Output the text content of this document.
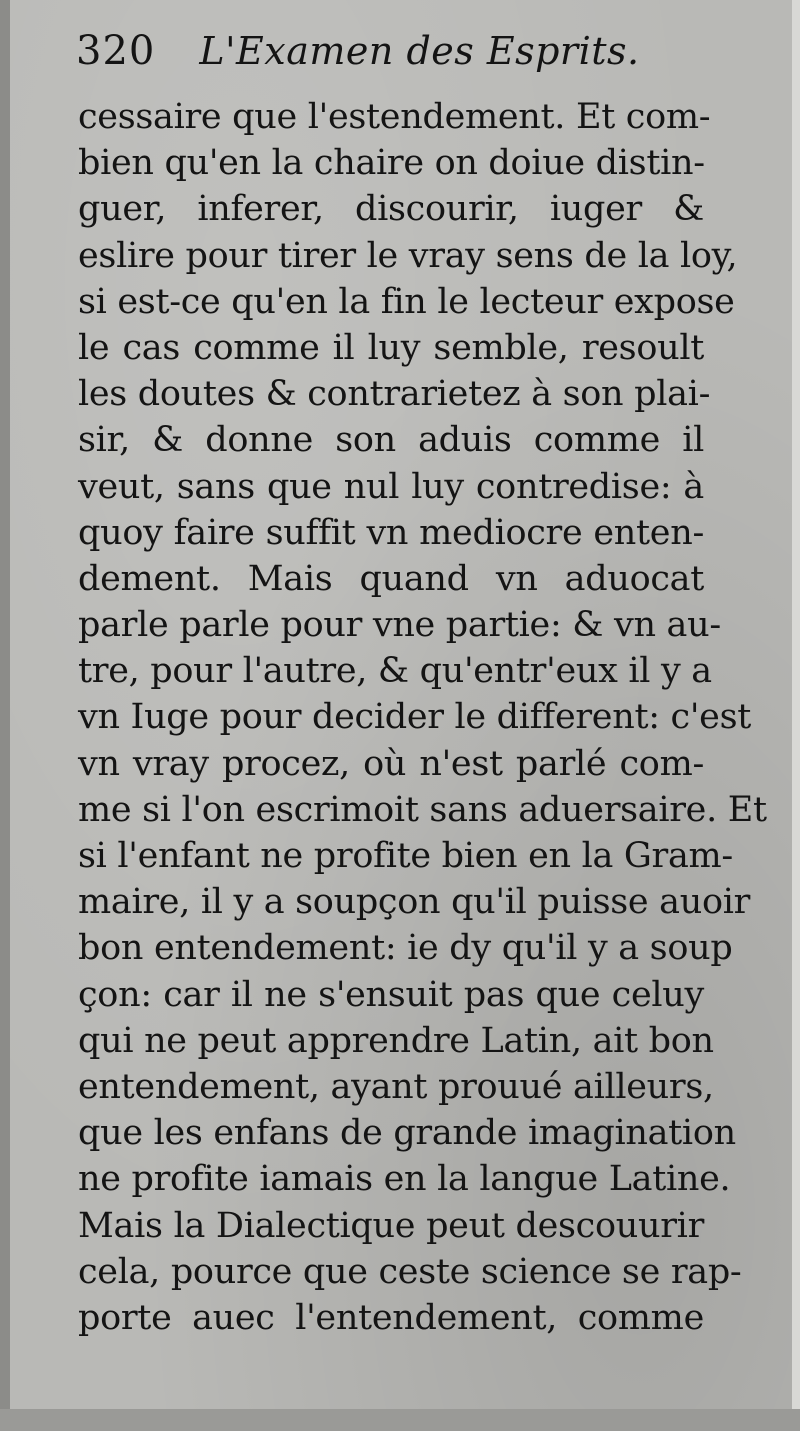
320 L'Examen des Esprits.
cessaire que l'estendement. Et com-
bien qu'en la chaire on doiue distin-
guer, inferer, discourir, iuger &
eslire pour tirer le vray sens de la loy,
si est-ce qu'en la fin le lecteur expose
le cas comme il luy semble, resoult
les doutes & contrarietez à son plai-
sir, & donne son aduis comme il
veut, sans que nul luy contredise: à
quoy faire suffit vn mediocre enten-
dement. Mais quand vn aduocat
parle parle pour vne partie: & vn au-
tre, pour l'autre, & qu'entr'eux il y a
vn Iuge pour decider le different: c'est
vn vray procez, où n'est parlé com-
me si l'on escrimoit sans aduersaire. Et
si l'enfant ne profite bien en la Gram-
maire, il y a soupçon qu'il puisse auoir
bon entendement: ie dy qu'il y a soup
çon: car il ne s'ensuit pas que celuy
qui ne peut apprendre Latin, ait bon
entendement, ayant prouué ailleurs,
que les enfans de grande imagination
ne profite iamais en la langue Latine.
Mais la Dialectique peut descouurir
cela, pource que ceste science se rap-
porte auec l'entendement, comme
